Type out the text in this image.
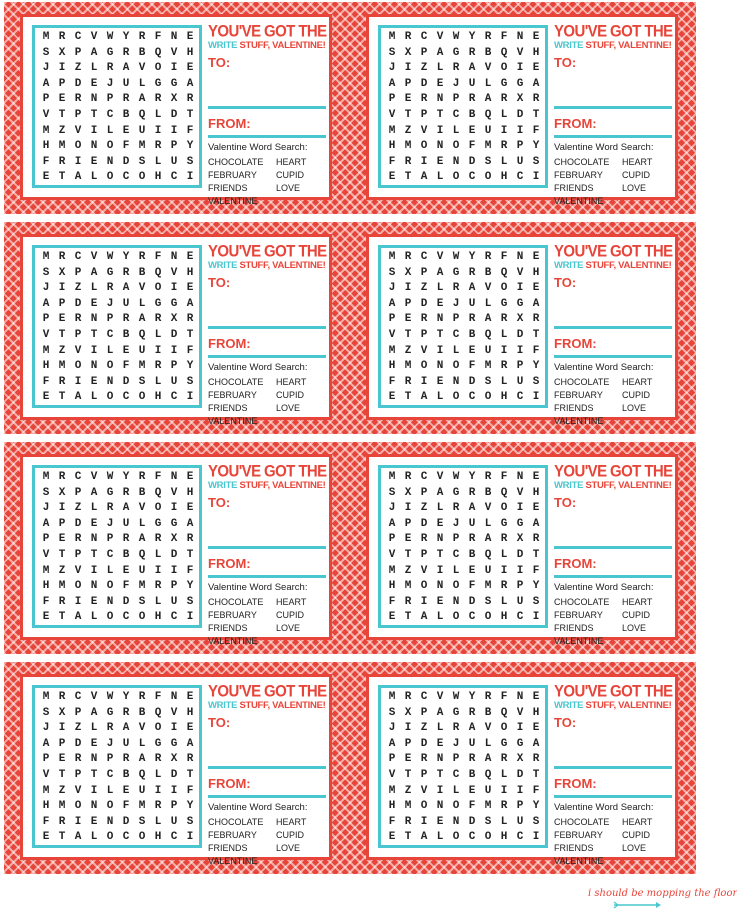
M R C V W Y R F N E
S X P A G R B Q V H
J I Z L R A V O I E
A P D E J U L G G A
P E R N P R A R X R
V T P T C B Q L D T
M Z V I L E U I I F
H M O N O F M R P Y
F R I E N D S L U S
E T A L O C O H C I
YOU'VE GOT THE
WRITE STUFF, VALENTINE!
TO:
FROM:
Valentine Word Search:
CHOCOLATE	HEART
FEBRUARY	CUPID
FRIENDS	LOVE
VALENTINE
M R C V W Y R F N E
S X P A G R B Q V H
J I Z L R A V O I E
A P D E J U L G G A
P E R N P R A R X R
V T P T C B Q L D T
M Z V I L E U I I F
H M O N O F M R P Y
F R I E N D S L U S
E T A L O C O H C I
YOU'VE GOT THE
WRITE STUFF, VALENTINE!
TO:
FROM:
Valentine Word Search:
CHOCOLATE	HEART
FEBRUARY	CUPID
FRIENDS	LOVE
VALENTINE
M R C V W Y R F N E
S X P A G R B Q V H
J I Z L R A V O I E
A P D E J U L G G A
P E R N P R A R X R
V T P T C B Q L D T
M Z V I L E U I I F
H M O N O F M R P Y
F R I E N D S L U S
E T A L O C O H C I
YOU'VE GOT THE
WRITE STUFF, VALENTINE!
TO:
FROM:
Valentine Word Search:
CHOCOLATE	HEART
FEBRUARY	CUPID
FRIENDS	LOVE
VALENTINE
M R C V W Y R F N E
S X P A G R B Q V H
J I Z L R A V O I E
A P D E J U L G G A
P E R N P R A R X R
V T P T C B Q L D T
M Z V I L E U I I F
H M O N O F M R P Y
F R I E N D S L U S
E T A L O C O H C I
YOU'VE GOT THE
WRITE STUFF, VALENTINE!
TO:
FROM:
Valentine Word Search:
CHOCOLATE	HEART
FEBRUARY	CUPID
FRIENDS	LOVE
VALENTINE
M R C V W Y R F N E
S X P A G R B Q V H
J I Z L R A V O I E
A P D E J U L G G A
P E R N P R A R X R
V T P T C B Q L D T
M Z V I L E U I I F
H M O N O F M R P Y
F R I E N D S L U S
E T A L O C O H C I
YOU'VE GOT THE
WRITE STUFF, VALENTINE!
TO:
FROM:
Valentine Word Search:
CHOCOLATE	HEART
FEBRUARY	CUPID
FRIENDS	LOVE
VALENTINE
M R C V W Y R F N E
S X P A G R B Q V H
J I Z L R A V O I E
A P D E J U L G G A
P E R N P R A R X R
V T P T C B Q L D T
M Z V I L E U I I F
H M O N O F M R P Y
F R I E N D S L U S
E T A L O C O H C I
YOU'VE GOT THE
WRITE STUFF, VALENTINE!
TO:
FROM:
Valentine Word Search:
CHOCOLATE	HEART
FEBRUARY	CUPID
FRIENDS	LOVE
VALENTINE
M R C V W Y R F N E
S X P A G R B Q V H
J I Z L R A V O I E
A P D E J U L G G A
P E R N P R A R X R
V T P T C B Q L D T
M Z V I L E U I I F
H M O N O F M R P Y
F R I E N D S L U S
E T A L O C O H C I
YOU'VE GOT THE
WRITE STUFF, VALENTINE!
TO:
FROM:
Valentine Word Search:
CHOCOLATE	HEART
FEBRUARY	CUPID
FRIENDS	LOVE
VALENTINE
M R C V W Y R F N E
S X P A G R B Q V H
J I Z L R A V O I E
A P D E J U L G G A
P E R N P R A R X R
V T P T C B Q L D T
M Z V I L E U I I F
H M O N O F M R P Y
F R I E N D S L U S
E T A L O C O H C I
YOU'VE GOT THE
WRITE STUFF, VALENTINE!
TO:
FROM:
Valentine Word Search:
CHOCOLATE	HEART
FEBRUARY	CUPID
FRIENDS	LOVE
VALENTINE
i should be mopping the floor
